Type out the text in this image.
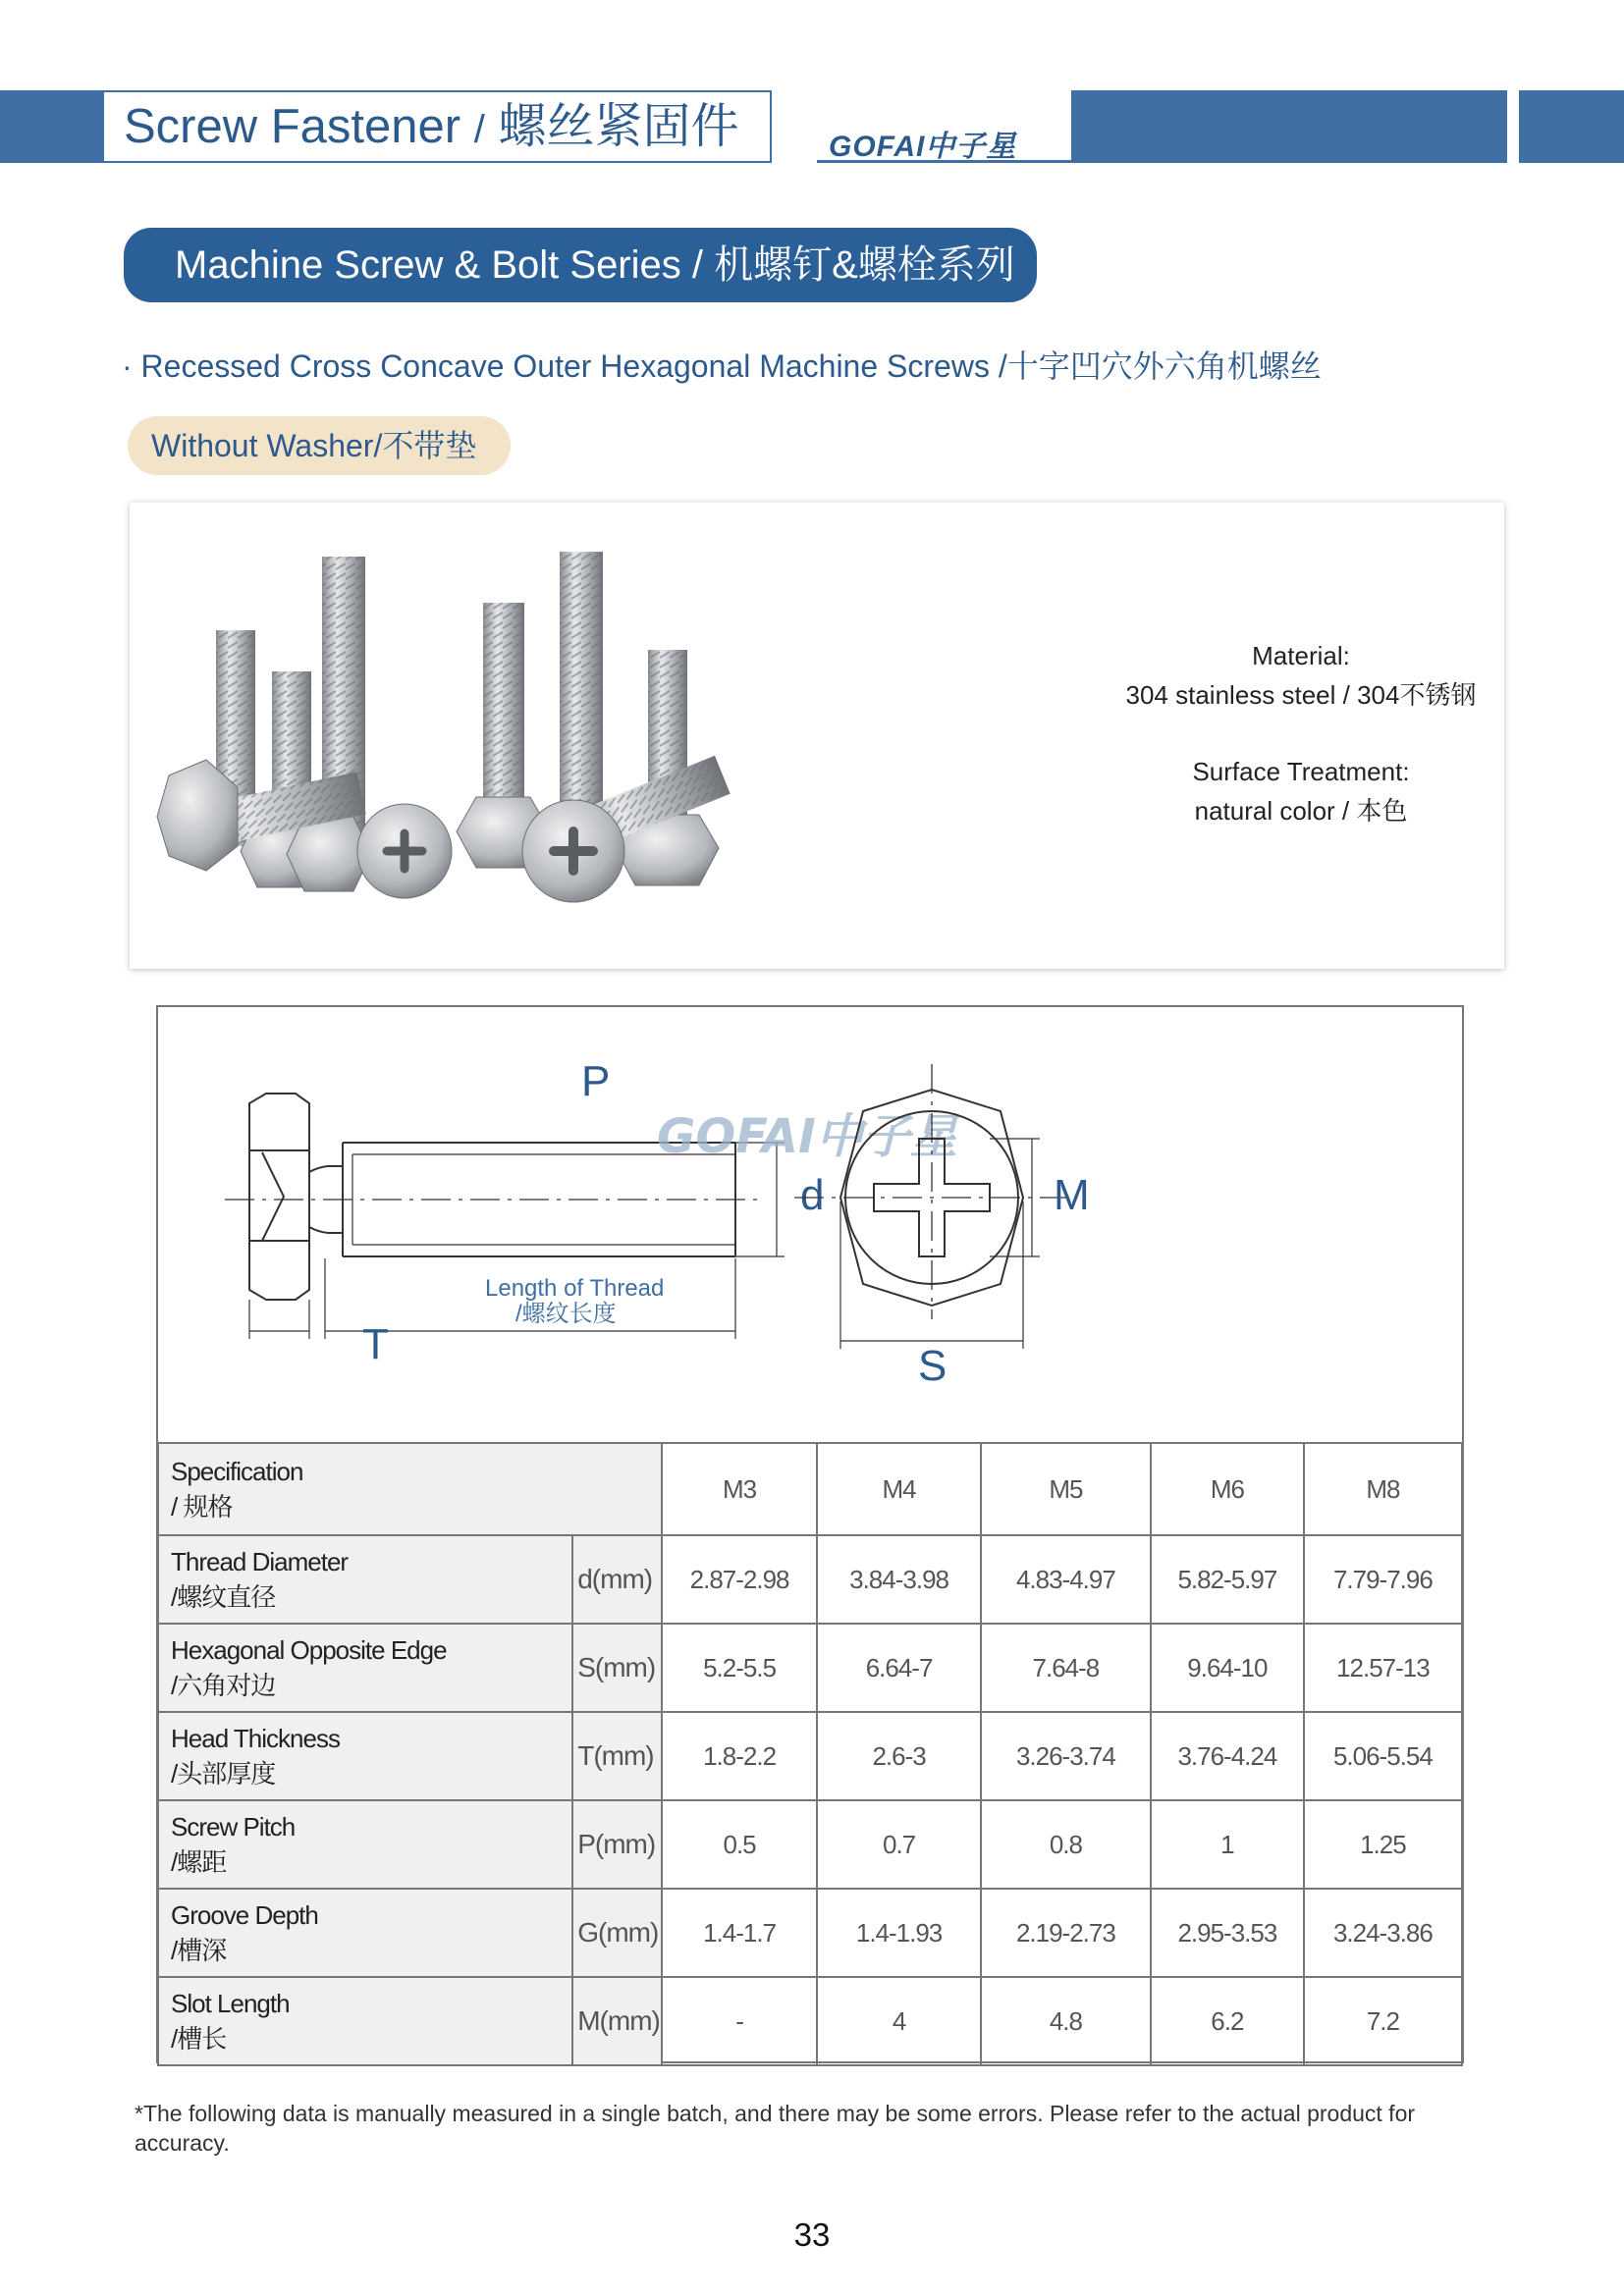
Screw Fastener / 螺丝紧固件	GOFAI中子星
Machine Screw & Bolt Series / 机螺钉&螺栓系列
· Recessed Cross Concave Outer Hexagonal Machine Screws /十字凹穴外六角机螺丝
Without Washer/不带垫
Material:
304 stainless steel / 304不锈钢
Surface Treatment:
natural color / 本色
P
d
T
Length of Thread
/螺纹长度
GOFAI中子星
M
S
Specification
/ 规格		M3	M4	M5	M6	M8

Thread Diameter
/螺纹直径	d(mm)	2.87-2.98	3.84-3.98	4.83-4.97	5.82-5.97	7.79-7.96

Hexagonal Opposite Edge
/六角对边	S(mm)	5.2-5.5	6.64-7	7.64-8	9.64-10	12.57-13

Head Thickness
/头部厚度	T(mm)	1.8-2.2	2.6-3	3.26-3.74	3.76-4.24	5.06-5.54

Screw Pitch
/螺距	P(mm)	0.5	0.7	0.8	1	1.25

Groove Depth
/槽深	G(mm)	1.4-1.7	1.4-1.93	2.19-2.73	2.95-3.53	3.24-3.86

Slot Length
/槽长	M(mm)	-	4	4.8	6.2	7.2
*The following data is manually measured in a single batch, and there may be some errors. Please refer to the actual product for accuracy.
33
